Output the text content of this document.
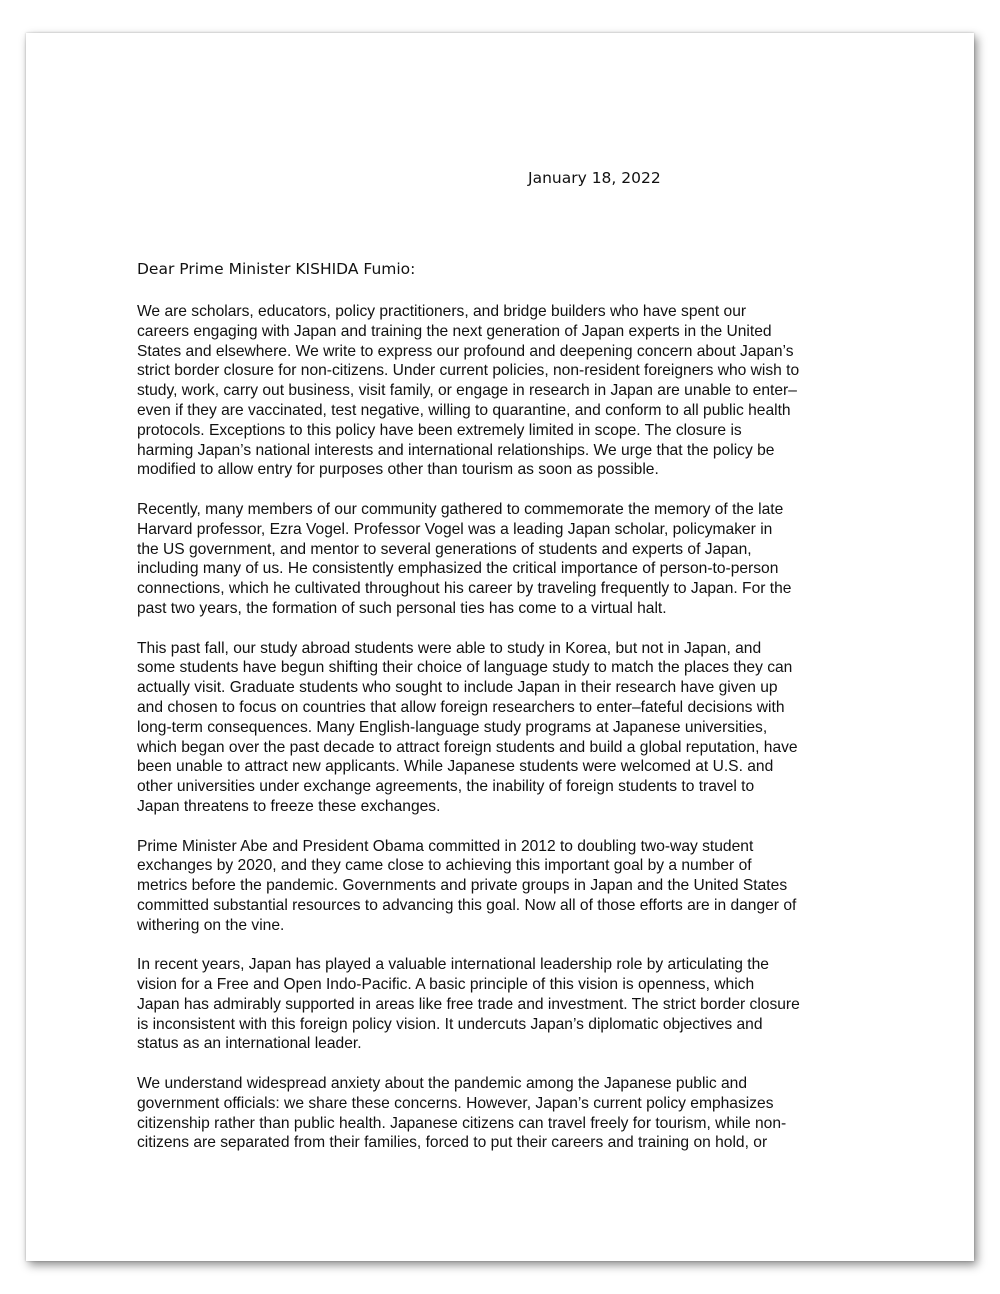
January 18, 2022
Dear Prime Minister KISHIDA Fumio:
We are scholars, educators, policy practitioners, and bridge builders who have spent our
careers engaging with Japan and training the next generation of Japan experts in the United
States and elsewhere. We write to express our profound and deepening concern about Japan’s
strict border closure for non-citizens. Under current policies, non-resident foreigners who wish to
study, work, carry out business, visit family, or engage in research in Japan are unable to enter–
even if they are vaccinated, test negative, willing to quarantine, and conform to all public health
protocols. Exceptions to this policy have been extremely limited in scope. The closure is
harming Japan’s national interests and international relationships. We urge that the policy be
modified to allow entry for purposes other than tourism as soon as possible.
Recently, many members of our community gathered to commemorate the memory of the late
Harvard professor, Ezra Vogel. Professor Vogel was a leading Japan scholar, policymaker in
the US government, and mentor to several generations of students and experts of Japan,
including many of us. He consistently emphasized the critical importance of person-to-person
connections, which he cultivated throughout his career by traveling frequently to Japan. For the
past two years, the formation of such personal ties has come to a virtual halt.
This past fall, our study abroad students were able to study in Korea, but not in Japan, and
some students have begun shifting their choice of language study to match the places they can
actually visit. Graduate students who sought to include Japan in their research have given up
and chosen to focus on countries that allow foreign researchers to enter–fateful decisions with
long-term consequences. Many English-language study programs at Japanese universities,
which began over the past decade to attract foreign students and build a global reputation, have
been unable to attract new applicants. While Japanese students were welcomed at U.S. and
other universities under exchange agreements, the inability of foreign students to travel to
Japan threatens to freeze these exchanges.
Prime Minister Abe and President Obama committed in 2012 to doubling two-way student
exchanges by 2020, and they came close to achieving this important goal by a number of
metrics before the pandemic. Governments and private groups in Japan and the United States
committed substantial resources to advancing this goal. Now all of those efforts are in danger of
withering on the vine.
In recent years, Japan has played a valuable international leadership role by articulating the
vision for a Free and Open Indo-Pacific. A basic principle of this vision is openness, which
Japan has admirably supported in areas like free trade and investment. The strict border closure
is inconsistent with this foreign policy vision. It undercuts Japan’s diplomatic objectives and
status as an international leader.
We understand widespread anxiety about the pandemic among the Japanese public and
government officials: we share these concerns. However, Japan’s current policy emphasizes
citizenship rather than public health. Japanese citizens can travel freely for tourism, while non-
citizens are separated from their families, forced to put their careers and training on hold, or
